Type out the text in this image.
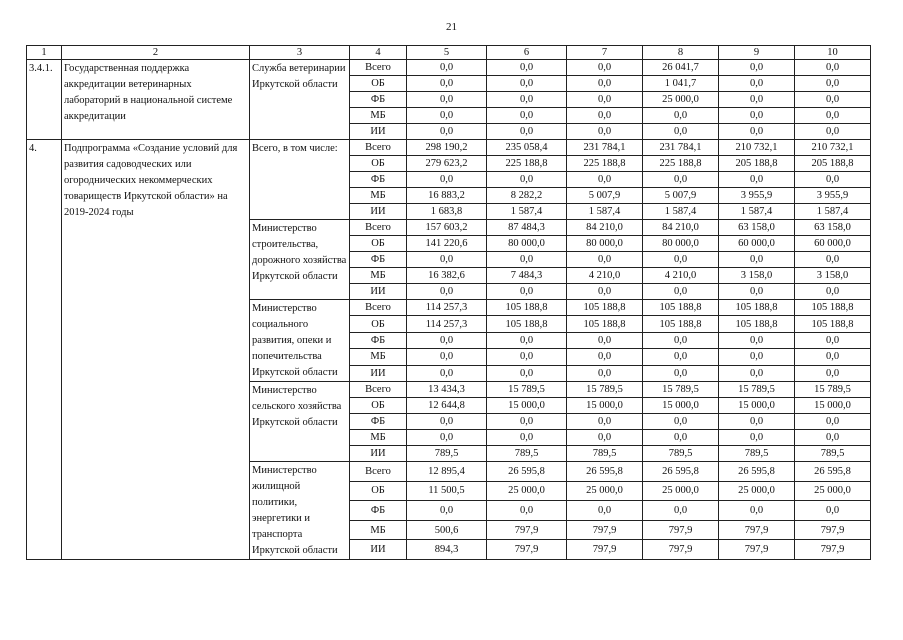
21
1	2	3	4	5	6	7	8	9	10
3.4.1.	Государственная поддержка аккредитации ветеринарных лабораторий в национальной системе аккредитации	Служба ветеринарии Иркутской области	Всего	0,0	0,0	0,0	26 041,7	0,0	0,0
			ОБ	0,0	0,0	0,0	1 041,7	0,0	0,0
			ФБ	0,0	0,0	0,0	25 000,0	0,0	0,0
			МБ	0,0	0,0	0,0	0,0	0,0	0,0
			ИИ	0,0	0,0	0,0	0,0	0,0	0,0
4.	Подпрограмма «Создание условий для развития садоводческих или огороднических некоммерческих товариществ Иркутской области» на 2019-2024 годы	Всего, в том числе:	Всего	298 190,2	235 058,4	231 784,1	231 784,1	210 732,1	210 732,1
			ОБ	279 623,2	225 188,8	225 188,8	225 188,8	205 188,8	205 188,8
			ФБ	0,0	0,0	0,0	0,0	0,0	0,0
			МБ	16 883,2	8 282,2	5 007,9	5 007,9	3 955,9	3 955,9
			ИИ	1 683,8	1 587,4	1 587,4	1 587,4	1 587,4	1 587,4
		Министерство строительства, дорожного хозяйства Иркутской области	Всего	157 603,2	87 484,3	84 210,0	84 210,0	63 158,0	63 158,0
			ОБ	141 220,6	80 000,0	80 000,0	80 000,0	60 000,0	60 000,0
			ФБ	0,0	0,0	0,0	0,0	0,0	0,0
			МБ	16 382,6	7 484,3	4 210,0	4 210,0	3 158,0	3 158,0
			ИИ	0,0	0,0	0,0	0,0	0,0	0,0
		Министерство социального развития, опеки и попечительства Иркутской области	Всего	114 257,3	105 188,8	105 188,8	105 188,8	105 188,8	105 188,8
			ОБ	114 257,3	105 188,8	105 188,8	105 188,8	105 188,8	105 188,8
			ФБ	0,0	0,0	0,0	0,0	0,0	0,0
			МБ	0,0	0,0	0,0	0,0	0,0	0,0
			ИИ	0,0	0,0	0,0	0,0	0,0	0,0
		Министерство сельского хозяйства Иркутской области	Всего	13 434,3	15 789,5	15 789,5	15 789,5	15 789,5	15 789,5
			ОБ	12 644,8	15 000,0	15 000,0	15 000,0	15 000,0	15 000,0
			ФБ	0,0	0,0	0,0	0,0	0,0	0,0
			МБ	0,0	0,0	0,0	0,0	0,0	0,0
			ИИ	789,5	789,5	789,5	789,5	789,5	789,5
		Министерство жилищной политики, энергетики и транспорта Иркутской области	Всего	12 895,4	26 595,8	26 595,8	26 595,8	26 595,8	26 595,8
			ОБ	11 500,5	25 000,0	25 000,0	25 000,0	25 000,0	25 000,0
			ФБ	0,0	0,0	0,0	0,0	0,0	0,0
			МБ	500,6	797,9	797,9	797,9	797,9	797,9
			ИИ	894,3	797,9	797,9	797,9	797,9	797,9
